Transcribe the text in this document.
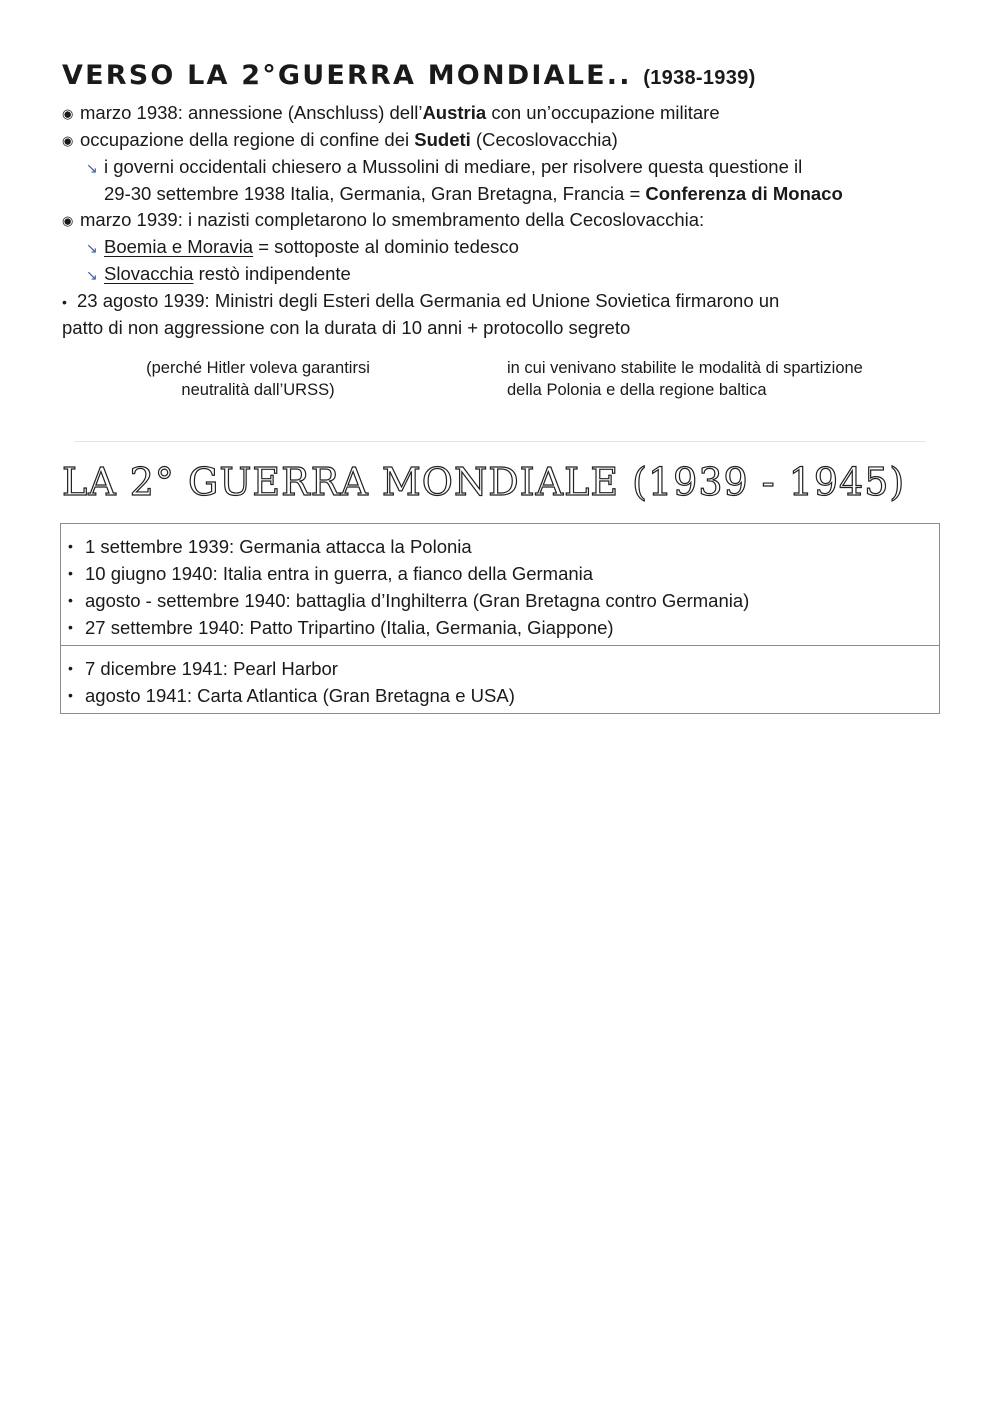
VERSO LA 2°GUERRA MONDIALE.. (1938-1939)
◉ marzo 1938: annessione (Anschluss) dell’Austria con un’occupazione militare
◉ occupazione della regione di confine dei Sudeti (Cecoslovacchia)
↘ i governi occidentali chiesero a Mussolini di mediare, per risolvere questa questione il
29-30 settembre 1938 Italia, Germania, Gran Bretagna, Francia = Conferenza di Monaco
◉ marzo 1939: i nazisti completarono lo smembramento della Cecoslovacchia:
↘ Boemia e Moravia = sottoposte al dominio tedesco
↘ Slovacchia restò indipendente
• 23 agosto 1939: Ministri degli Esteri della Germania ed Unione Sovietica firmarono un
patto di non aggressione con la durata di 10 anni + protocollo segreto
(perché Hitler voleva garantirsi
neutralità dall’URSS)
in cui venivano stabilite le modalità di spartizione
della Polonia e della regione baltica
LA 2° GUERRA MONDIALE (1939 - 1945)
• 1 settembre 1939: Germania attacca la Polonia
• 10 giugno 1940: Italia entra in guerra, a fianco della Germania
• agosto - settembre 1940: battaglia d’Inghilterra (Gran Bretagna contro Germania)
• 27 settembre 1940: Patto Tripartino (Italia, Germania, Giappone)
• 7 dicembre 1941: Pearl Harbor
• agosto 1941: Carta Atlantica (Gran Bretagna e USA)
